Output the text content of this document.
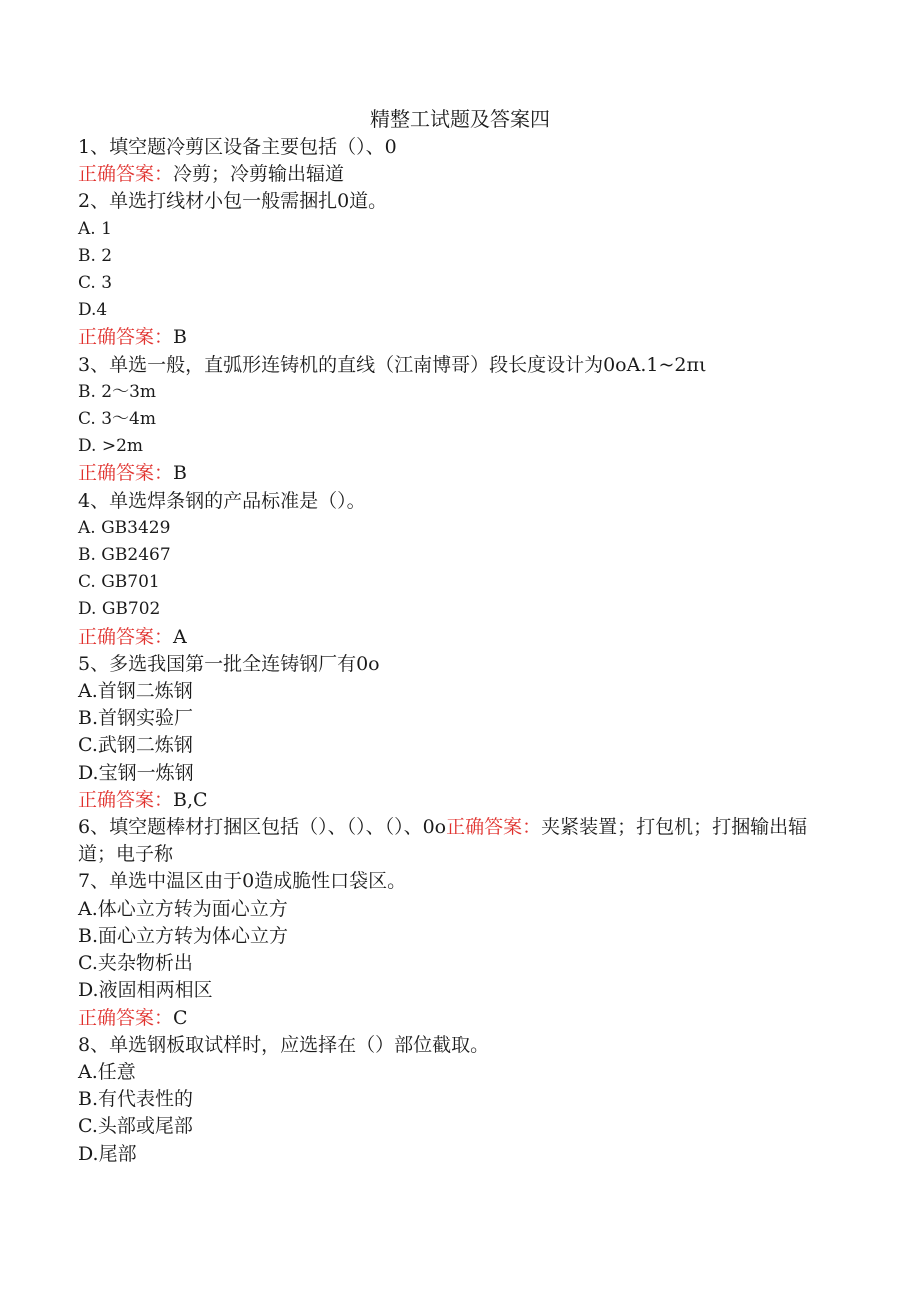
精整工试题及答案四
1、填空题冷剪区设备主要包括（）、0
正确答案：冷剪；冷剪输出辐道
2、单选打线材小包一般需捆扎0道。
A. 1
B. 2
C. 3
D.4
正确答案：B
3、单选一般，直弧形连铸机的直线（江南博哥）段长度设计为0oA.1~2πι
B. 2～3m
C. 3～4m
D. >2m
正确答案：B
4、单选焊条钢的产品标准是（）。
A. GB3429
B. GB2467
C. GB701
D. GB702
正确答案：A
5、多选我国第一批全连铸钢厂有0o
A.首钢二炼钢
B.首钢实验厂
C.武钢二炼钢
D.宝钢一炼钢
正确答案：B,C
6、填空题棒材打捆区包括（）、（）、（）、0o正确答案：夹紧装置；打包机；打捆输出辐道；电子称
7、单选中温区由于0造成脆性口袋区。
A.体心立方转为面心立方
B.面心立方转为体心立方
C.夹杂物析出
D.液固相两相区
正确答案：C
8、单选钢板取试样时，应选择在（）部位截取。
A.任意
B.有代表性的
C.头部或尾部
D.尾部
